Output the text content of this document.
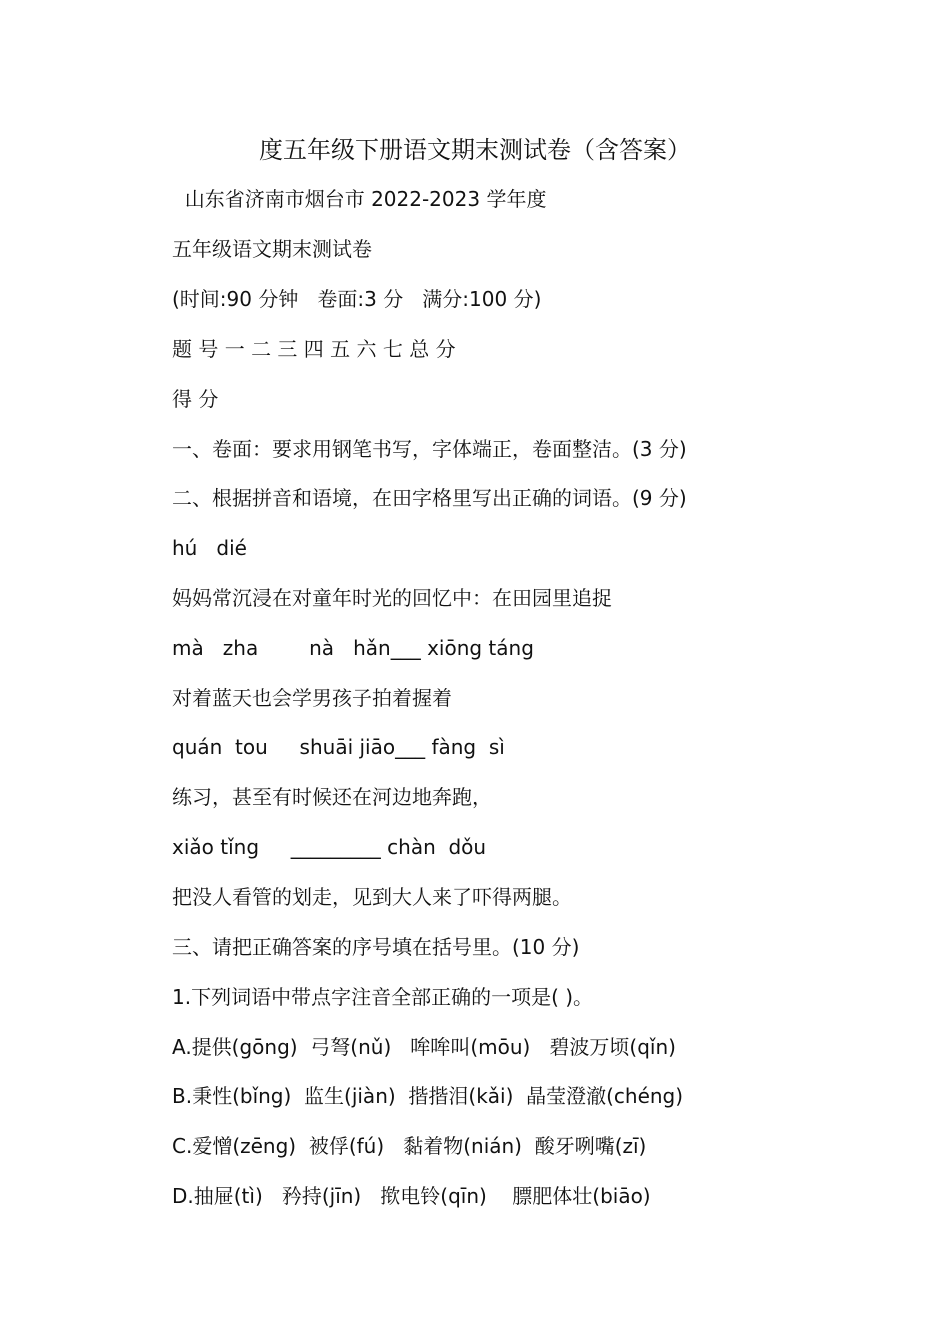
度五年级下册语文期末测试卷（含答案）
山东省济南市烟台市 2022-2023 学年度
五年级语文期末测试卷
(时间:90 分钟   卷面:3 分   满分:100 分)
题 号 一 二 三 四 五 六 七 总 分
得 分
一、卷面：要求用钢笔书写，字体端正，卷面整洁。(3 分)
二、根据拼音和语境，在田字格里写出正确的词语。(9 分)
hú   dié
妈妈常沉浸在对童年时光的回忆中：在田园里追捉
mà   zha        nà   hǎn___ xiōng táng
对着蓝天也会学男孩子拍着握着
quán  tou     shuāi jiāo___ fàng  sì
练习，甚至有时候还在河边地奔跑，
xiǎo tǐng     _________ chàn  dǒu
把没人看管的划走，见到大人来了吓得两腿。
三、请把正确答案的序号填在括号里。(10 分)
1.下列词语中带点字注音全部正确的一项是( )。
A.提供(gōng)  弓弩(nǔ)   哞哞叫(mōu)   碧波万顷(qǐn)
B.秉性(bǐng)  监生(jiàn)  揩揩泪(kǎi)  晶莹澄澈(chéng)
C.爱憎(zēng)  被俘(fú)   黏着物(nián)  酸牙咧嘴(zī)
D.抽屉(tì)   矜持(jīn)   揿电铃(qīn)    膘肥体壮(biāo)
